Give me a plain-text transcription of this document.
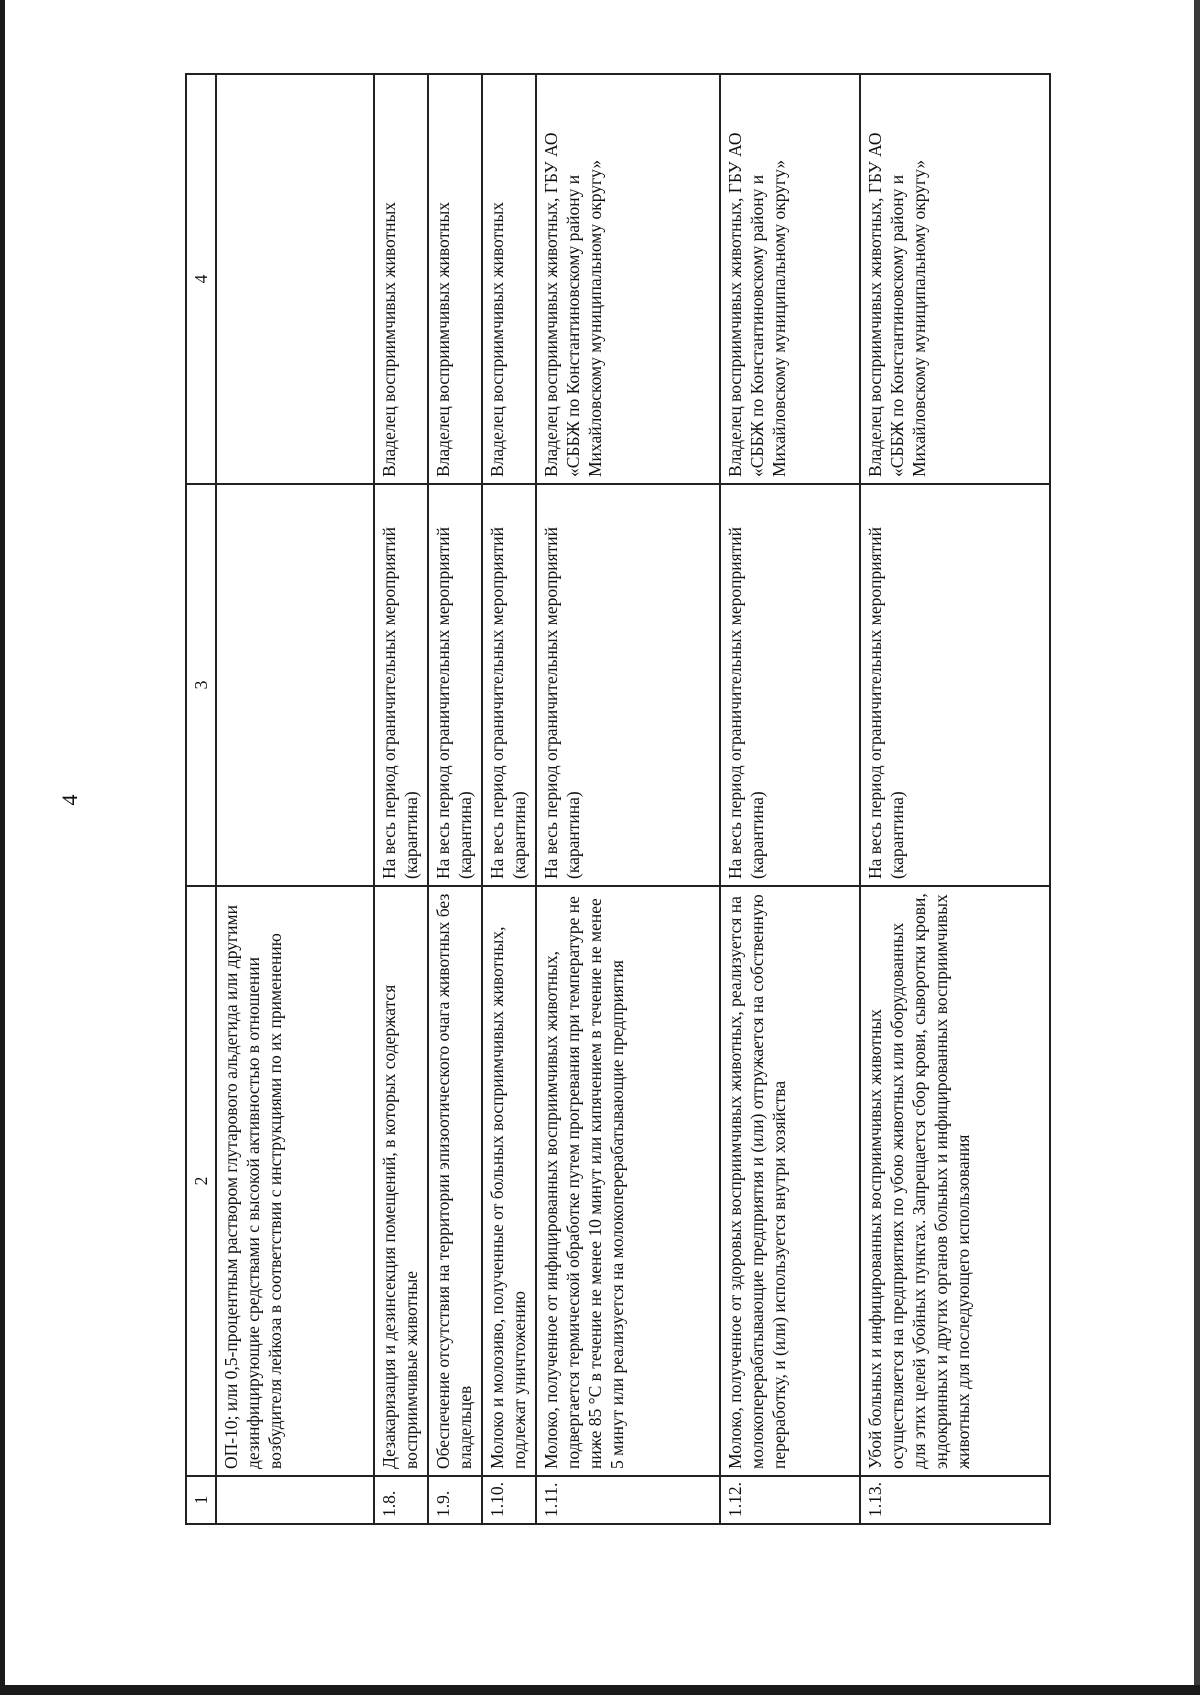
4
1	2	3	4
	ОП-10; или 0,5-процентным раствором глутарового альдегида или другими дезинфицирующие средствами с высокой активностью в отношении возбудителя лейкоза в соответствии с инструкциями по их применению		
1.8.	Дезакаризация и дезинсекция помещений, в которых содержатся восприимчивые животные	На весь период ограничительных мероприятий (карантина)	Владелец восприимчивых животных
1.9.	Обеспечение отсутствия на территории эпизоотического очага животных без владельцев	На весь период ограничительных мероприятий (карантина)	Владелец восприимчивых животных
1.10.	Молоко и молозиво, полученные от больных восприимчивых животных, подлежат уничтожению	На весь период ограничительных мероприятий (карантина)	Владелец восприимчивых животных
1.11.	Молоко, полученное от инфицированных восприимчивых животных, подвергается термической обработке путем прогревания при температуре не ниже 85 °С в течение не менее 10 минут или кипячением в течение не менее 5 минут или реализуется на молокоперерабатывающие предприятия	На весь период ограничительных мероприятий (карантина)	Владелец восприимчивых животных, ГБУ АО «СББЖ по Константиновскому району и Михайловскому муниципальному округу»
1.12.	Молоко, полученное от здоровых восприимчивых животных, реализуется на молокоперерабатывающие предприятия и (или) отгружается на собственную переработку, и (или) используется внутри хозяйства	На весь период ограничительных мероприятий (карантина)	Владелец восприимчивых животных, ГБУ АО «СББЖ по Константиновскому району и Михайловскому муниципальному округу»
1.13.	Убой больных и инфицированных восприимчивых животных осуществляется на предприятиях по убою животных или оборудованных для этих целей убойных пунктах. Запрещается сбор крови, сыворотки крови, эндокринных и других органов больных и инфицированных восприимчивых животных для последующего использования	На весь период ограничительных мероприятий (карантина)	Владелец восприимчивых животных, ГБУ АО «СББЖ по Константиновскому району и Михайловскому муниципальному округу»
